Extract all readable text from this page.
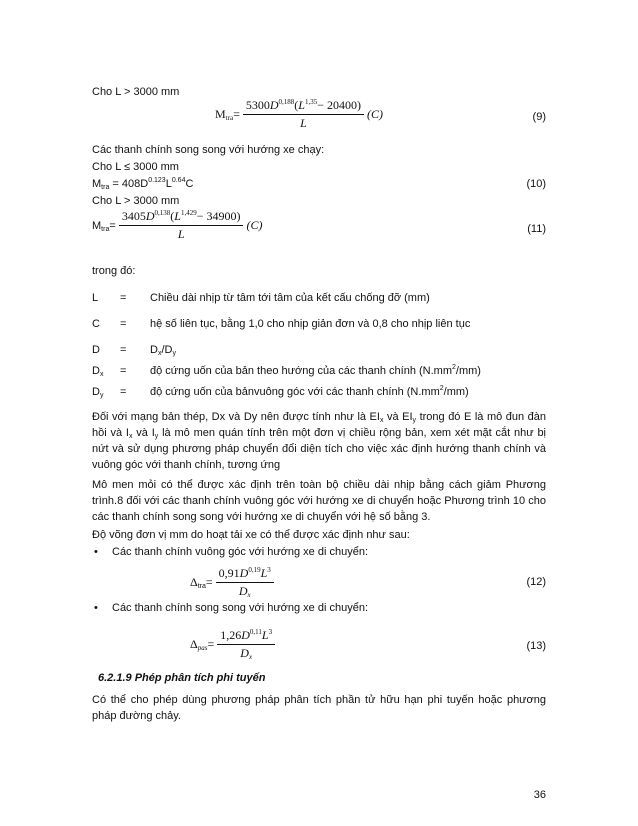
Cho L > 3000 mm
$M_{tra}= \frac{5300D^{0,188}(L^{1,35}- 20400)}{L} (C)$	(9)
Các thanh chính song song với hướng xe chạy:
Cho L ≤ 3000 mm
$M_{tra} = 408D^{0.123}L^{0.64}C$	(10)
Cho L > 3000 mm
$M_{tra}= \frac{3405D^{0,138}(L^{1,429}- 34900)}{L} (C)$	(11)
trong đó:
L = Chiều dài nhịp từ tâm tới tâm của kết cấu chống đỡ (mm)
C = hệ số liên tục, bằng 1,0 cho nhịp giản đơn và 0,8 cho nhịp liên tục
$D = D_x/D_y$
$D_x$ = độ cứng uốn của bản theo hướng của các thanh chính $(N.mm^2/mm)$
$D_y$ = độ cứng uốn của bảnvuông góc với các thanh chính $(N.mm^2/mm)$
Đối với mạng bản thép, Dx và Dy nên được tính như là $EI_x$ và $EI_y$ trong đó E là mô đun đàn hồi và $I_x$ và $I_y$ là mô men quán tính trên một đơn vị chiều rộng bản, xem xét mặt cắt như bị nứt và sử dụng phương pháp chuyển đổi diện tích cho việc xác định hướng thanh chính và vuông góc với thanh chính, tương ứng
Mô men mỏi có thể được xác định trên toàn bộ chiều dài nhịp bằng cách giảm Phương trình.8 đối với các thanh chính vuông góc với hướng xe di chuyển hoặc Phương trình 10 cho các thanh chính song song với hướng xe di chuyển với hệ số bằng 3.
Độ võng đơn vị mm do hoạt tải xe có thể được xác định như sau:
• Các thanh chính vuông góc với hướng xe di chuyển:
$\Delta_{tra}= \frac{0,91D^{0,19}L^3}{D_x}$	(12)
• Các thanh chính song song với hướng xe di chuyển:
$\Delta_{pas}= \frac{1,26D^{0,11}L^3}{D_x}$	(13)
6.2.1.9 Phép phân tích phi tuyến
Có thể cho phép dùng phương pháp phân tích phần tử hữu hạn phi tuyến hoặc phương pháp đường chảy.
36
